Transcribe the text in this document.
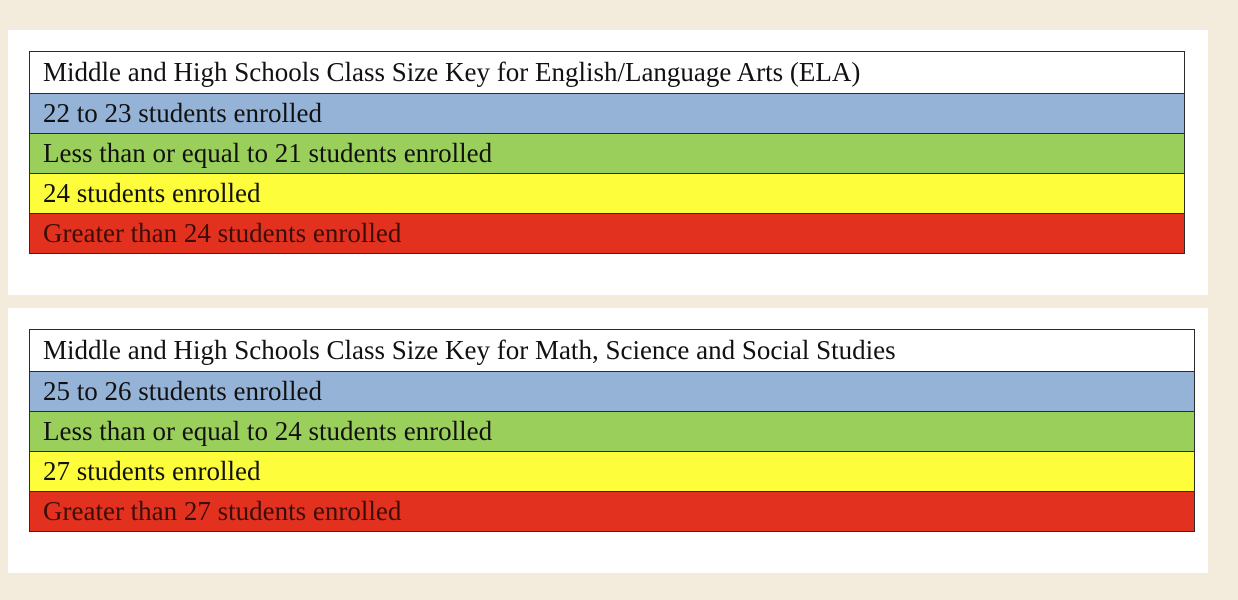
Middle and High Schools Class Size Key for English/Language Arts (ELA)
22 to 23 students enrolled
Less than or equal to 21 students enrolled
24 students enrolled
Greater than 24 students enrolled
Middle and High Schools Class Size Key for Math, Science and Social Studies
25 to 26 students enrolled
Less than or equal to 24 students enrolled
27 students enrolled
Greater than 27 students enrolled
